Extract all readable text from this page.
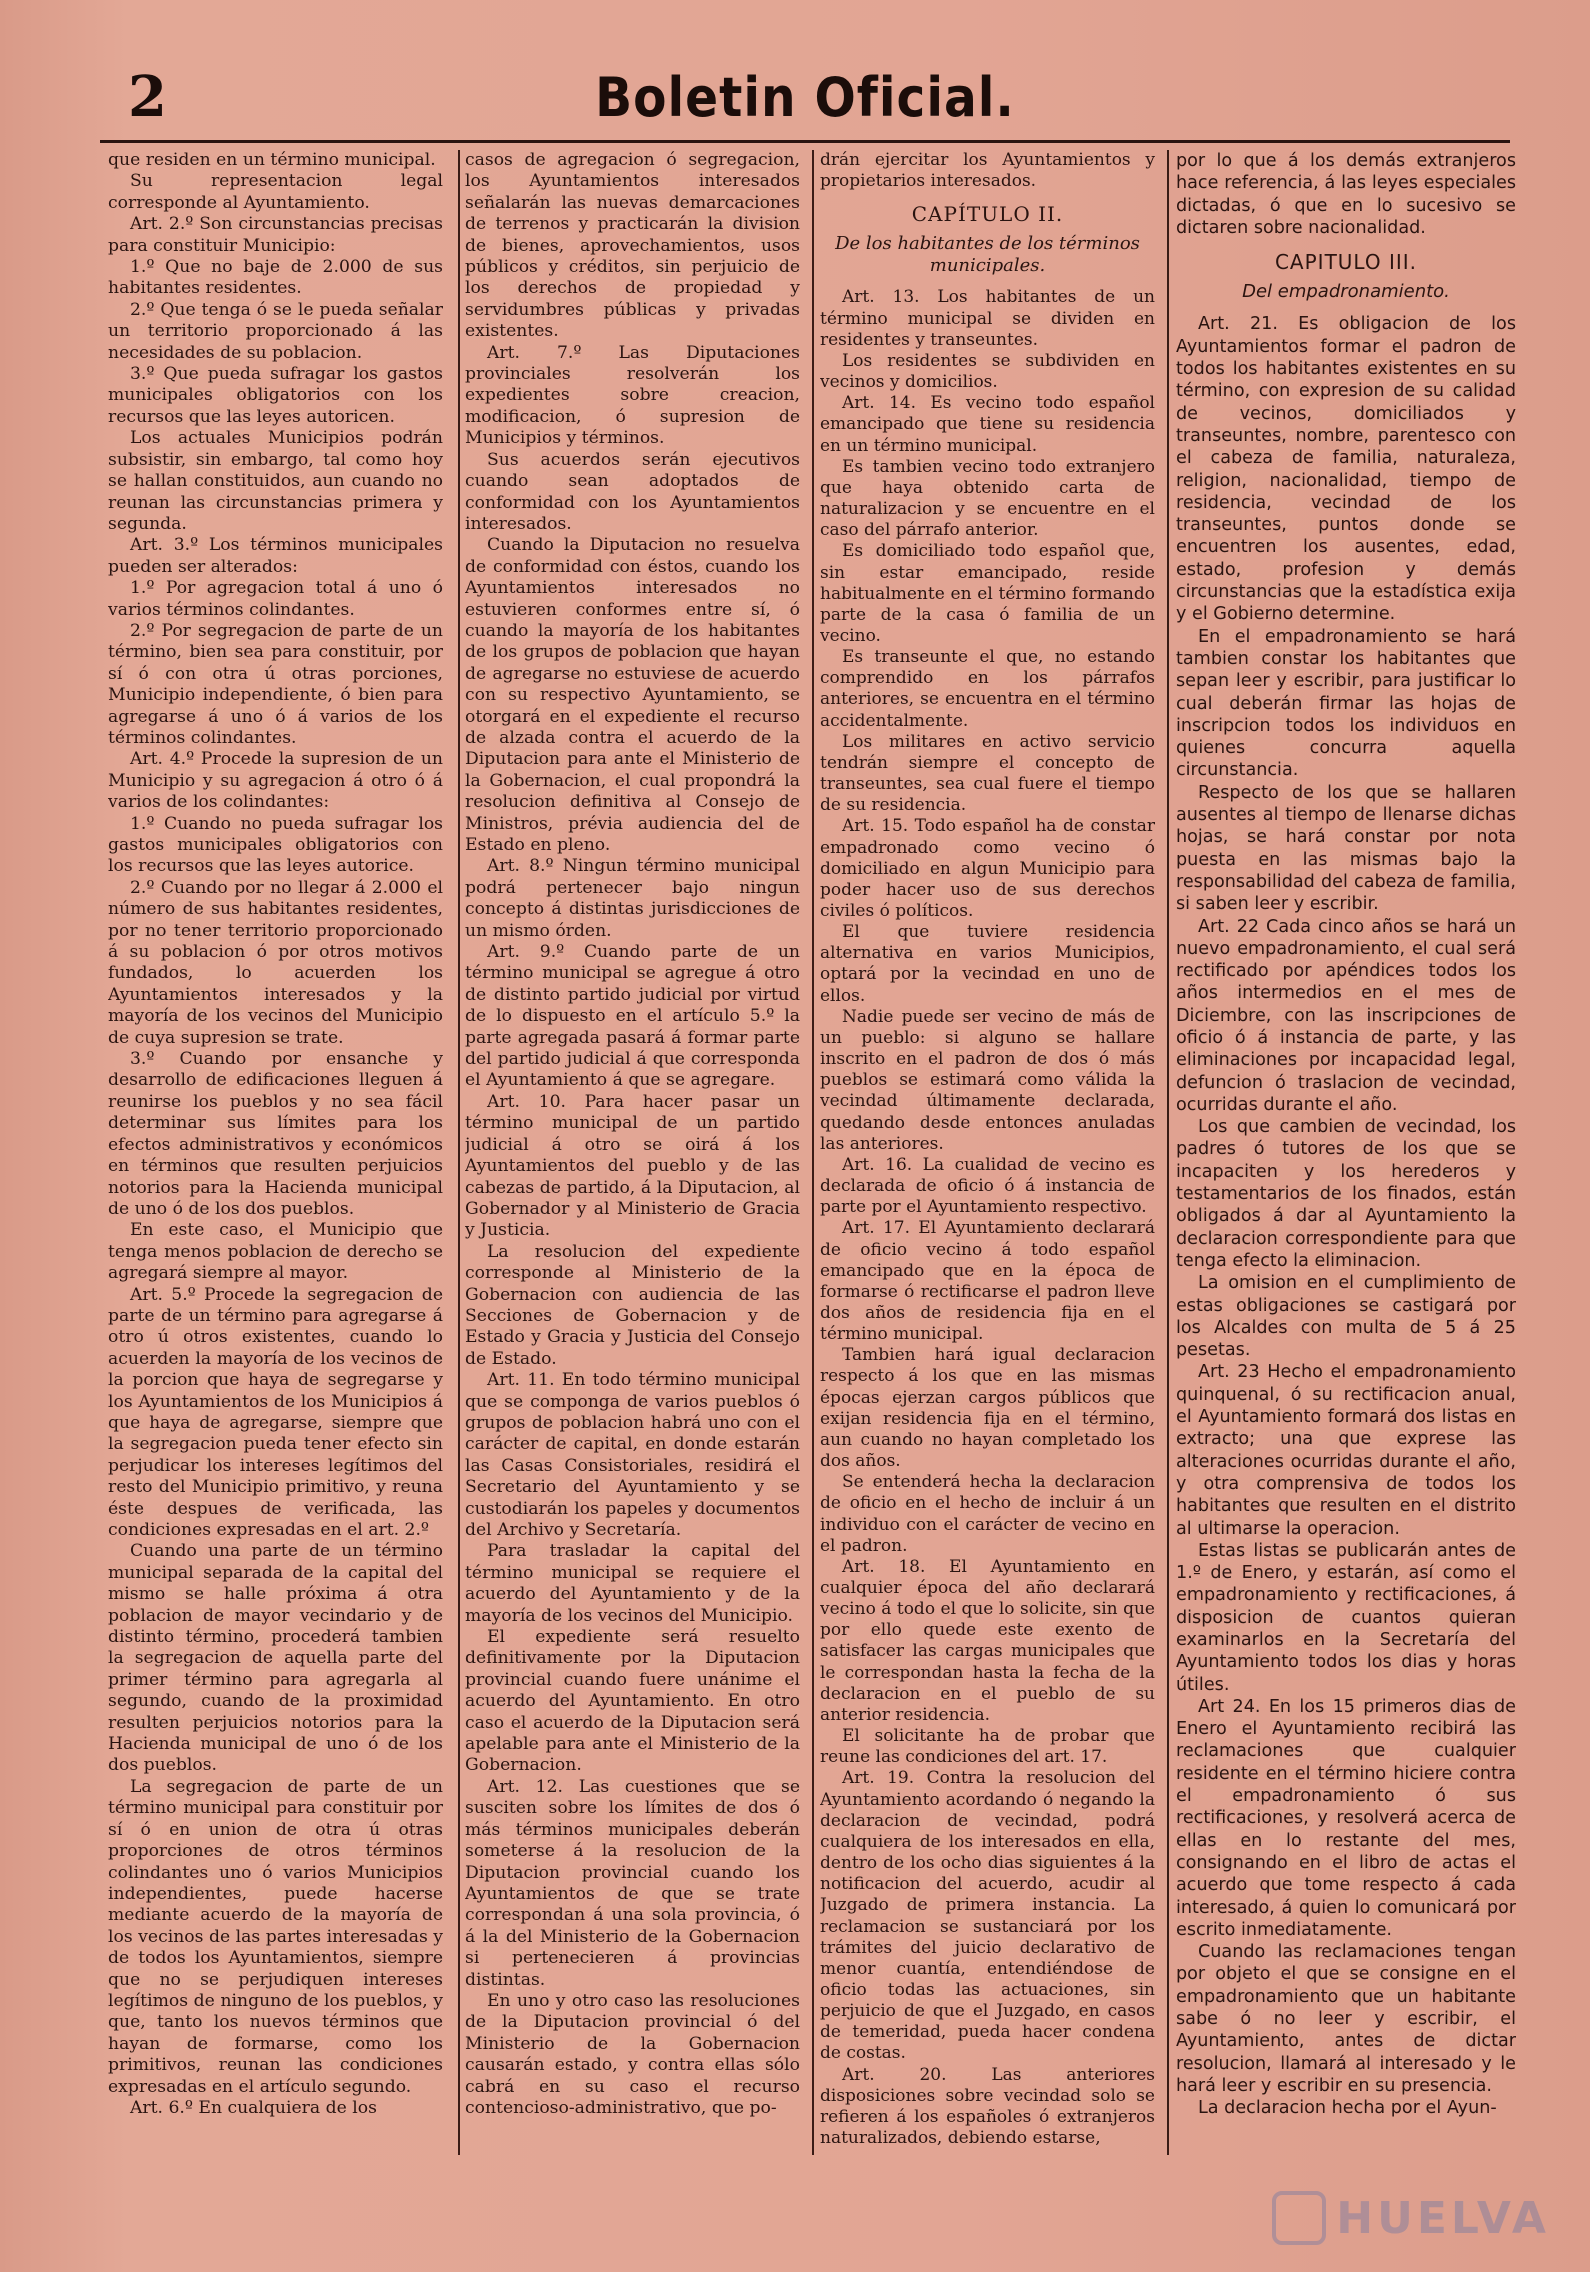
2	Boletin Oficial.

que residen en un término municipal.

Su representacion legal corresponde al Ayuntamiento.

Art. 2.º Son circunstancias precisas para constituir Municipio:

1.º Que no baje de 2.000 de sus habitantes residentes.

2.º Que tenga ó se le pueda señalar un territorio proporcionado á las necesidades de su poblacion.

3.º Que pueda sufragar los gastos municipales obligatorios con los recursos que las leyes autoricen.

Los actuales Municipios podrán subsistir, sin embargo, tal como hoy se hallan constituidos, aun cuando no reunan las circunstancias primera y segunda.

Art. 3.º Los términos municipales pueden ser alterados:

1.º Por agregacion total á uno ó varios términos colindantes.

2.º Por segregacion de parte de un término, bien sea para constituir, por sí ó con otra ú otras porciones, Municipio independiente, ó bien para agregarse á uno ó á varios de los términos colindantes.

Art. 4.º Procede la supresion de un Municipio y su agregacion á otro ó á varios de los colindantes:

1.º Cuando no pueda sufragar los gastos municipales obligatorios con los recursos que las leyes autorice.

2.º Cuando por no llegar á 2.000 el número de sus habitantes residentes, por no tener territorio proporcionado á su poblacion ó por otros motivos fundados, lo acuerden los Ayuntamientos interesados y la mayoría de los vecinos del Municipio de cuya supresion se trate.

3.º Cuando por ensanche y desarrollo de edificaciones lleguen á reunirse los pueblos y no sea fácil determinar sus límites para los efectos administrativos y económicos en términos que resulten perjuicios notorios para la Hacienda municipal de uno ó de los dos pueblos.

En este caso, el Municipio que tenga menos poblacion de derecho se agregará siempre al mayor.

Art. 5.º Procede la segregacion de parte de un término para agregarse á otro ú otros existentes, cuando lo acuerden la mayoría de los vecinos de la porcion que haya de segregarse y los Ayuntamientos de los Municipios á que haya de agregarse, siempre que la segregacion pueda tener efecto sin perjudicar los intereses legítimos del resto del Municipio primitivo, y reuna éste despues de verificada, las condiciones expresadas en el art. 2.º

Cuando una parte de un término municipal separada de la capital del mismo se halle próxima á otra poblacion de mayor vecindario y de distinto término, procederá tambien la segregacion de aquella parte del primer término para agregarla al segundo, cuando de la proximidad resulten perjuicios notorios para la Hacienda municipal de uno ó de los dos pueblos.

La segregacion de parte de un término municipal para constituir por sí ó en union de otra ú otras proporciones de otros términos colindantes uno ó varios Municipios independientes, puede hacerse mediante acuerdo de la mayoría de los vecinos de las partes interesadas y de todos los Ayuntamientos, siempre que no se perjudiquen intereses legítimos de ninguno de los pueblos, y que, tanto los nuevos términos que hayan de formarse, como los primitivos, reunan las condiciones expresadas en el artículo segundo.

Art. 6.º En cualquiera de los

casos de agregacion ó segregacion, los Ayuntamientos interesados señalarán las nuevas demarcaciones de terrenos y practicarán la division de bienes, aprovechamientos, usos públicos y créditos, sin perjuicio de los derechos de propiedad y servidumbres públicas y privadas existentes.

Art. 7.º Las Diputaciones provinciales resolverán los expedientes sobre creacion, modificacion, ó supresion de Municipios y términos.

Sus acuerdos serán ejecutivos cuando sean adoptados de conformidad con los Ayuntamientos interesados.

Cuando la Diputacion no resuelva de conformidad con éstos, cuando los Ayuntamientos interesados no estuvieren conformes entre sí, ó cuando la mayoría de los habitantes de los grupos de poblacion que hayan de agregarse no estuviese de acuerdo con su respectivo Ayuntamiento, se otorgará en el expediente el recurso de alzada contra el acuerdo de la Diputacion para ante el Ministerio de la Gobernacion, el cual propondrá la resolucion definitiva al Consejo de Ministros, prévia audiencia del de Estado en pleno.

Art. 8.º Ningun término municipal podrá pertenecer bajo ningun concepto á distintas jurisdicciones de un mismo órden.

Art. 9.º Cuando parte de un término municipal se agregue á otro de distinto partido judicial por virtud de lo dispuesto en el artículo 5.º la parte agregada pasará á formar parte del partido judicial á que corresponda el Ayuntamiento á que se agregare.

Art. 10. Para hacer pasar un término municipal de un partido judicial á otro se oirá á los Ayuntamientos del pueblo y de las cabezas de partido, á la Diputacion, al Gobernador y al Ministerio de Gracia y Justicia.

La resolucion del expediente corresponde al Ministerio de la Gobernacion con audiencia de las Secciones de Gobernacion y de Estado y Gracia y Justicia del Consejo de Estado.

Art. 11. En todo término municipal que se componga de varios pueblos ó grupos de poblacion habrá uno con el carácter de capital, en donde estarán las Casas Consistoriales, residirá el Secretario del Ayuntamiento y se custodiarán los papeles y documentos del Archivo y Secretaría.

Para trasladar la capital del término municipal se requiere el acuerdo del Ayuntamiento y de la mayoría de los vecinos del Municipio.

El expediente será resuelto definitivamente por la Diputacion provincial cuando fuere unánime el acuerdo del Ayuntamiento. En otro caso el acuerdo de la Diputacion será apelable para ante el Ministerio de la Gobernacion.

Art. 12. Las cuestiones que se susciten sobre los límites de dos ó más términos municipales deberán someterse á la resolucion de la Diputacion provincial cuando los Ayuntamientos de que se trate correspondan á una sola provincia, ó á la del Ministerio de la Gobernacion si pertenecieren á provincias distintas.

En uno y otro caso las resoluciones de la Diputacion provincial ó del Ministerio de la Gobernacion causarán estado, y contra ellas sólo cabrá en su caso el recurso contencioso-administrativo, que po-

drán ejercitar los Ayuntamientos y propietarios interesados.

CAPÍTULO II.
De los habitantes de los términos municipales.

Art. 13. Los habitantes de un término municipal se dividen en residentes y transeuntes.

Los residentes se subdividen en vecinos y domicilios.

Art. 14. Es vecino todo español emancipado que tiene su residencia en un término municipal.

Es tambien vecino todo extranjero que haya obtenido carta de naturalizacion y se encuentre en el caso del párrafo anterior.

Es domiciliado todo español que, sin estar emancipado, reside habitualmente en el término formando parte de la casa ó familia de un vecino.

Es transeunte el que, no estando comprendido en los párrafos anteriores, se encuentra en el término accidentalmente.

Los militares en activo servicio tendrán siempre el concepto de transeuntes, sea cual fuere el tiempo de su residencia.

Art. 15. Todo español ha de constar empadronado como vecino ó domiciliado en algun Municipio para poder hacer uso de sus derechos civiles ó políticos.

El que tuviere residencia alternativa en varios Municipios, optará por la vecindad en uno de ellos.

Nadie puede ser vecino de más de un pueblo: si alguno se hallare inscrito en el padron de dos ó más pueblos se estimará como válida la vecindad últimamente declarada, quedando desde entonces anuladas las anteriores.

Art. 16. La cualidad de vecino es declarada de oficio ó á instancia de parte por el Ayuntamiento respectivo.

Art. 17. El Ayuntamiento declarará de oficio vecino á todo español emancipado que en la época de formarse ó rectificarse el padron lleve dos años de residencia fija en el término municipal.

Tambien hará igual declaracion respecto á los que en las mismas épocas ejerzan cargos públicos que exijan residencia fija en el término, aun cuando no hayan completado los dos años.

Se entenderá hecha la declaracion de oficio en el hecho de incluir á un individuo con el carácter de vecino en el padron.

Art. 18. El Ayuntamiento en cualquier época del año declarará vecino á todo el que lo solicite, sin que por ello quede este exento de satisfacer las cargas municipales que le correspondan hasta la fecha de la declaracion en el pueblo de su anterior residencia.

El solicitante ha de probar que reune las condiciones del art. 17.

Art. 19. Contra la resolucion del Ayuntamiento acordando ó negando la declaracion de vecindad, podrá cualquiera de los interesados en ella, dentro de los ocho dias siguientes á la notificacion del acuerdo, acudir al Juzgado de primera instancia. La reclamacion se sustanciará por los trámites del juicio declarativo de menor cuantía, entendiéndose de oficio todas las actuaciones, sin perjuicio de que el Juzgado, en casos de temeridad, pueda hacer condena de costas.

Art. 20. Las anteriores disposiciones sobre vecindad solo se refieren á los españoles ó extranjeros naturalizados, debiendo estarse,

por lo que á los demás extranjeros hace referencia, á las leyes especiales dictadas, ó que en lo sucesivo se dictaren sobre nacionalidad.

CAPITULO III.
Del empadronamiento.

Art. 21. Es obligacion de los Ayuntamientos formar el padron de todos los habitantes existentes en su término, con expresion de su calidad de vecinos, domiciliados y transeuntes, nombre, parentesco con el cabeza de familia, naturaleza, religion, nacionalidad, tiempo de residencia, vecindad de los transeuntes, puntos donde se encuentren los ausentes, edad, estado, profesion y demás circunstancias que la estadística exija y el Gobierno determine.

En el empadronamiento se hará tambien constar los habitantes que sepan leer y escribir, para justificar lo cual deberán firmar las hojas de inscripcion todos los individuos en quienes concurra aquella circunstancia.

Respecto de los que se hallaren ausentes al tiempo de llenarse dichas hojas, se hará constar por nota puesta en las mismas bajo la responsabilidad del cabeza de familia, si saben leer y escribir.

Art. 22 Cada cinco años se hará un nuevo empadronamiento, el cual será rectificado por apéndices todos los años intermedios en el mes de Diciembre, con las inscripciones de oficio ó á instancia de parte, y las eliminaciones por incapacidad legal, defuncion ó traslacion de vecindad, ocurridas durante el año.

Los que cambien de vecindad, los padres ó tutores de los que se incapaciten y los herederos y testamentarios de los finados, están obligados á dar al Ayuntamiento la declaracion correspondiente para que tenga efecto la eliminacion.

La omision en el cumplimiento de estas obligaciones se castigará por los Alcaldes con multa de 5 á 25 pesetas.

Art. 23 Hecho el empadronamiento quinquenal, ó su rectificacion anual, el Ayuntamiento formará dos listas en extracto; una que exprese las alteraciones ocurridas durante el año, y otra comprensiva de todos los habitantes que resulten en el distrito al ultimarse la operacion.

Estas listas se publicarán antes de 1.º de Enero, y estarán, así como el empadronamiento y rectificaciones, á disposicion de cuantos quieran examinarlos en la Secretaría del Ayuntamiento todos los dias y horas útiles.

Art 24. En los 15 primeros dias de Enero el Ayuntamiento recibirá las reclamaciones que cualquier residente en el término hiciere contra el empadronamiento ó sus rectificaciones, y resolverá acerca de ellas en lo restante del mes, consignando en el libro de actas el acuerdo que tome respecto á cada interesado, á quien lo comunicará por escrito inmediatamente.

Cuando las reclamaciones tengan por objeto el que se consigne en el empadronamiento que un habitante sabe ó no leer y escribir, el Ayuntamiento, antes de dictar resolucion, llamará al interesado y le hará leer y escribir en su presencia.

La declaracion hecha por el Ayun-

HUELVA
